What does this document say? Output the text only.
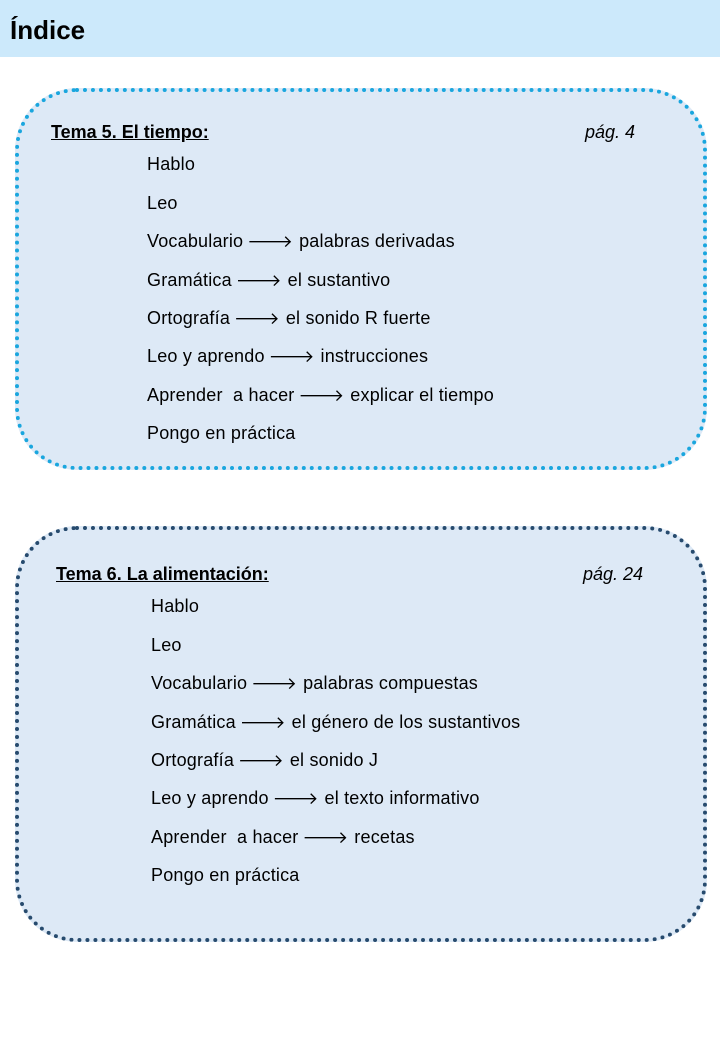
Índice
Tema 5. El tiempo:	pág. 4
Hablo
Leo
Vocabulario 🡒 palabras derivadas
Gramática 🡒 el sustantivo
Ortografía 🡒 el sonido R fuerte
Leo y aprendo 🡒 instrucciones
Aprender  a hacer 🡒 explicar el tiempo
Pongo en práctica
Tema 6. La alimentación:	pág. 24
Hablo
Leo
Vocabulario 🡒 palabras compuestas
Gramática 🡒 el género de los sustantivos
Ortografía 🡒 el sonido J
Leo y aprendo 🡒 el texto informativo
Aprender  a hacer 🡒 recetas
Pongo en práctica
